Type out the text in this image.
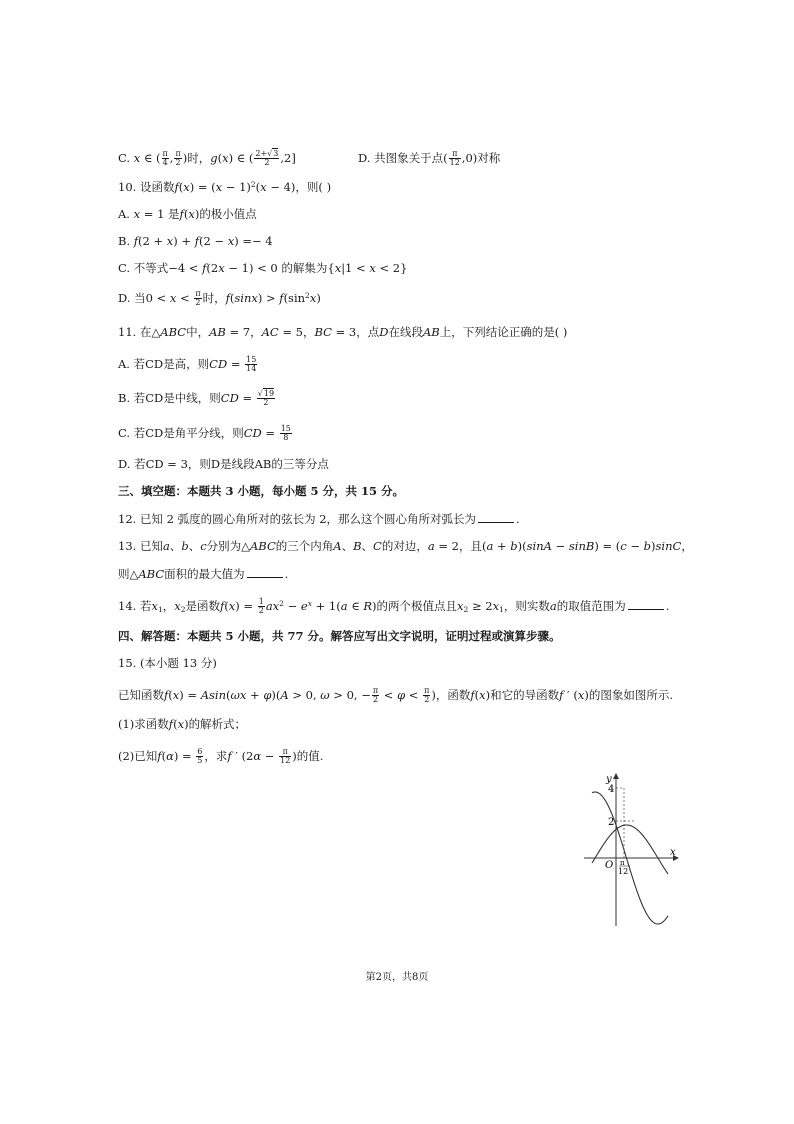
C. x ∈ ( $\frac{\pi}{4}$ , $\frac{\pi}{2}$ )时，g(x) ∈ ( $\frac{2+√3}{2} ,2$]	D. 共图象关于点( $\frac{\pi}{12} ,0$)对称
10. 设函数$f(x) = (x - 1)^2(x - 4)$，则( )
A. x = 1 是f(x)的极小值点
B. f(2 + x) + f(2 − x) =− 4
C. 不等式−4 < f(2x − 1) < 0 的解集为{x|1 < x < 2}
D. 当$0 < x < \frac{\pi}{2}$ 时，$f(\sin x) > f(\sin^2x)$
11. 在△ABC中，AB = 7，AC = 5，BC = 3，点D在线段AB上，下列结论正确的是( )
A. 若CD是高，则CD = $\frac{15}{14}$
B. 若CD是中线，则CD = $\frac{√19}{2}$
C. 若CD是角平分线，则CD = $\frac{15}{8}$
D. 若CD = 3，则D是线段AB的三等分点
三、填空题：本题共 3 小题，每小题 5 分，共 15 分。
12. 已知 2 弧度的圆心角所对的弦长为 2，那么这个圆心角所对弧长为	.
13. 已知a、b、c分别为△ABC的三个内角A、B、C的对边，a = 2，且(a + b)(sinA − sinB) = (c − b)sinC，
则△ABC面积的最大值为	.
14. 若$x_1$，$x_2$是函数$f(x) = \frac{1}{2} ax^2 - e^x + 1(a$ ∈ R)的两个极值点且$x_2 \ge 2x_1$，则实数a的取值范围为	.
四、解答题：本题共 5 小题，共 77 分。解答应写出文字说明，证明过程或演算步骤。
15. (本小题 13 分)
已知函数f(x) = Asin(ωx + φ)(A > 0, ω > 0, − $\frac{\pi}{2} < \varphi < \frac{\pi}{2}$ )，函数f(x)和它的导函数f ′ (x)的图象如图所示.
(1)求函数f(x)的解析式；
(2)已知$f(\alpha) = \frac{6}{5}$ ，求f ′ ($2\alpha - \frac{\pi}{12}$ )的值.
y
x
O
4
2
π
12
第2页，共8页
